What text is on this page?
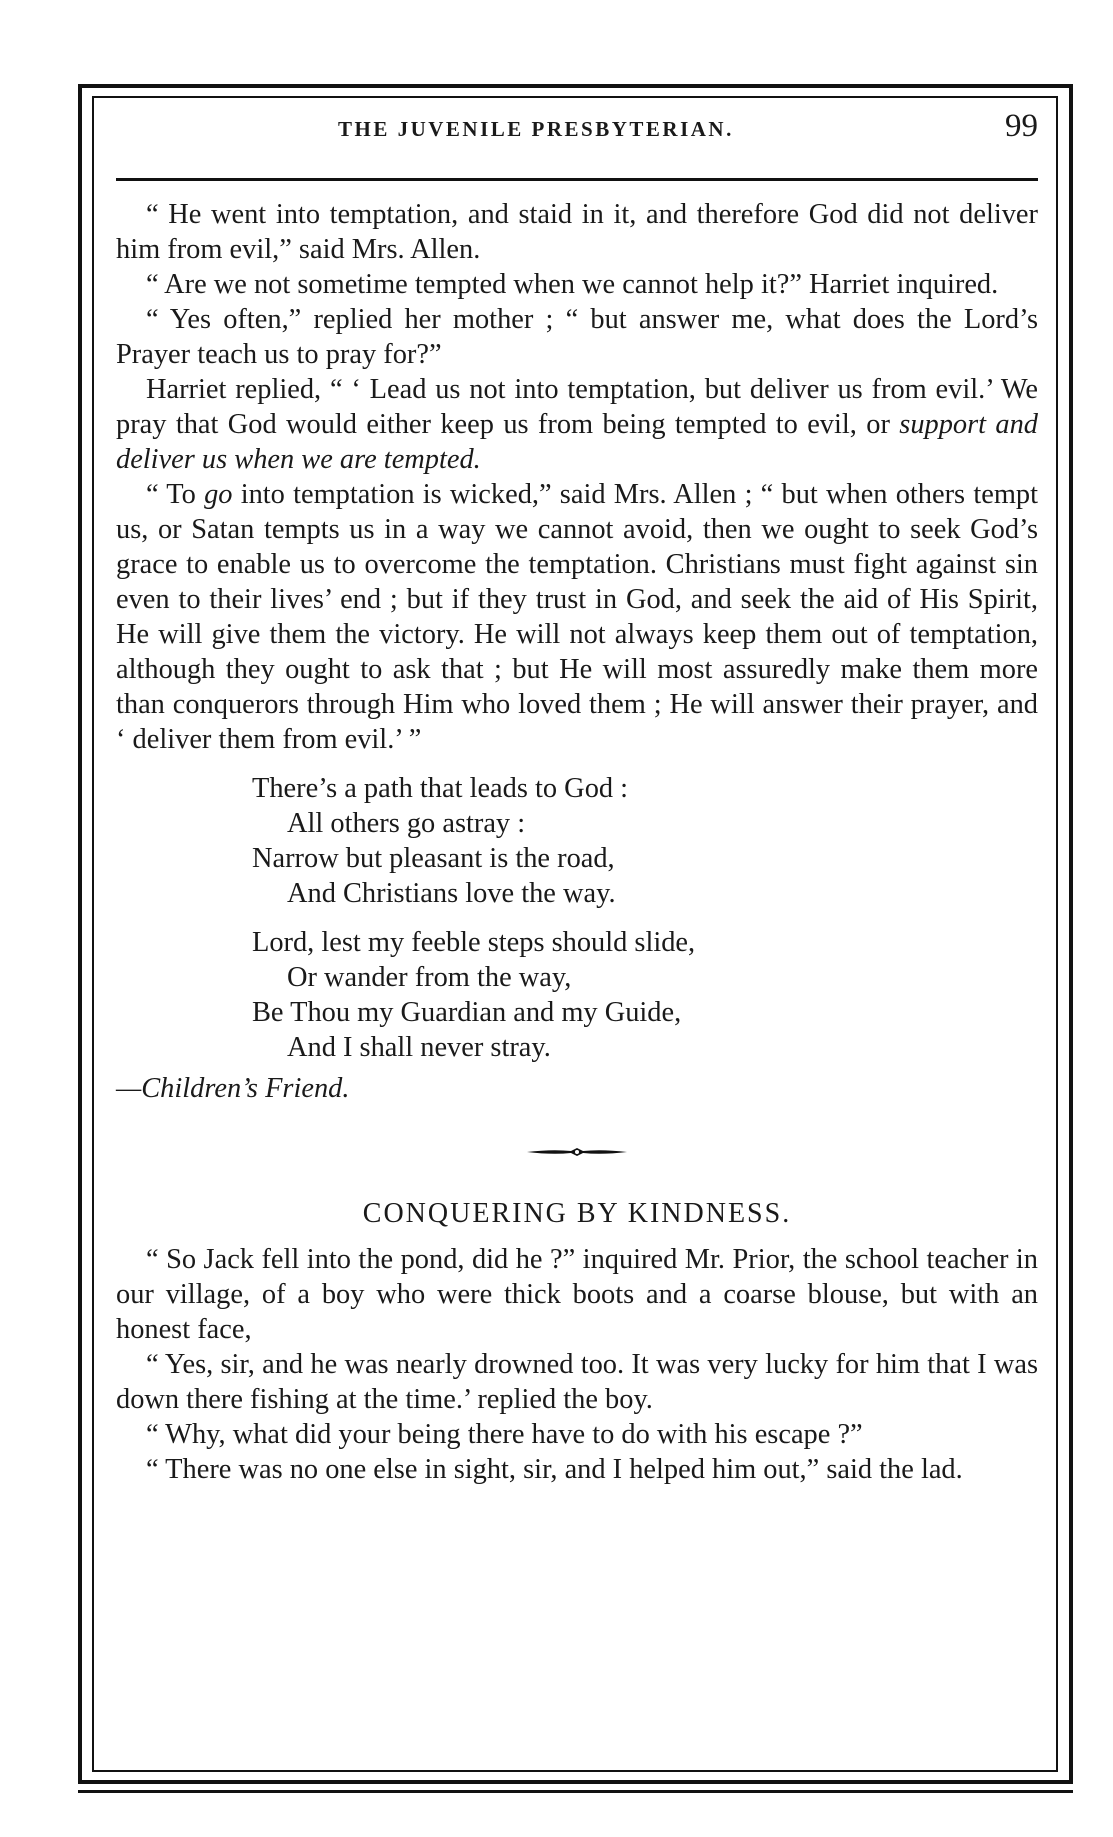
THE JUVENILE PRESBYTERIAN.	99

“ He went into temptation, and staid in it, and therefore God did not deliver him from evil,” said Mrs. Allen.

“ Are we not sometime tempted when we cannot help it?” Harriet inquired.

“ Yes often,” replied her mother ; “ but answer me, what does the Lord’s Prayer teach us to pray for?”

Harriet replied, “ ‘ Lead us not into temptation, but deliver us from evil.’ We pray that God would either keep us from being tempted to evil, or support and deliver us when we are tempted.

“ To go into temptation is wicked,” said Mrs. Allen ; “ but when others tempt us, or Satan tempts us in a way we cannot avoid, then we ought to seek God’s grace to enable us to overcome the temptation. Christians must fight against sin even to their lives’ end ; but if they trust in God, and seek the aid of His Spirit, He will give them the victory. He will not always keep them out of temptation, although they ought to ask that ; but He will most assuredly make them more than conquerors through Him who loved them ; He will answer their prayer, and ‘ deliver them from evil.’ ”

There’s a path that leads to God :
All others go astray :
Narrow but pleasant is the road,
And Christians love the way.
Lord, lest my feeble steps should slide,
Or wander from the way,
Be Thou my Guardian and my Guide,
And I shall never stray.
—Children’s Friend.
CONQUERING BY KINDNESS.

“ So Jack fell into the pond, did he ?” inquired Mr. Prior, the school teacher in our village, of a boy who were thick boots and a coarse blouse, but with an honest face,

“ Yes, sir, and he was nearly drowned too. It was very lucky for him that I was down there fishing at the time.’ replied the boy.

“ Why, what did your being there have to do with his escape ?”

“ There was no one else in sight, sir, and I helped him out,” said the lad.
